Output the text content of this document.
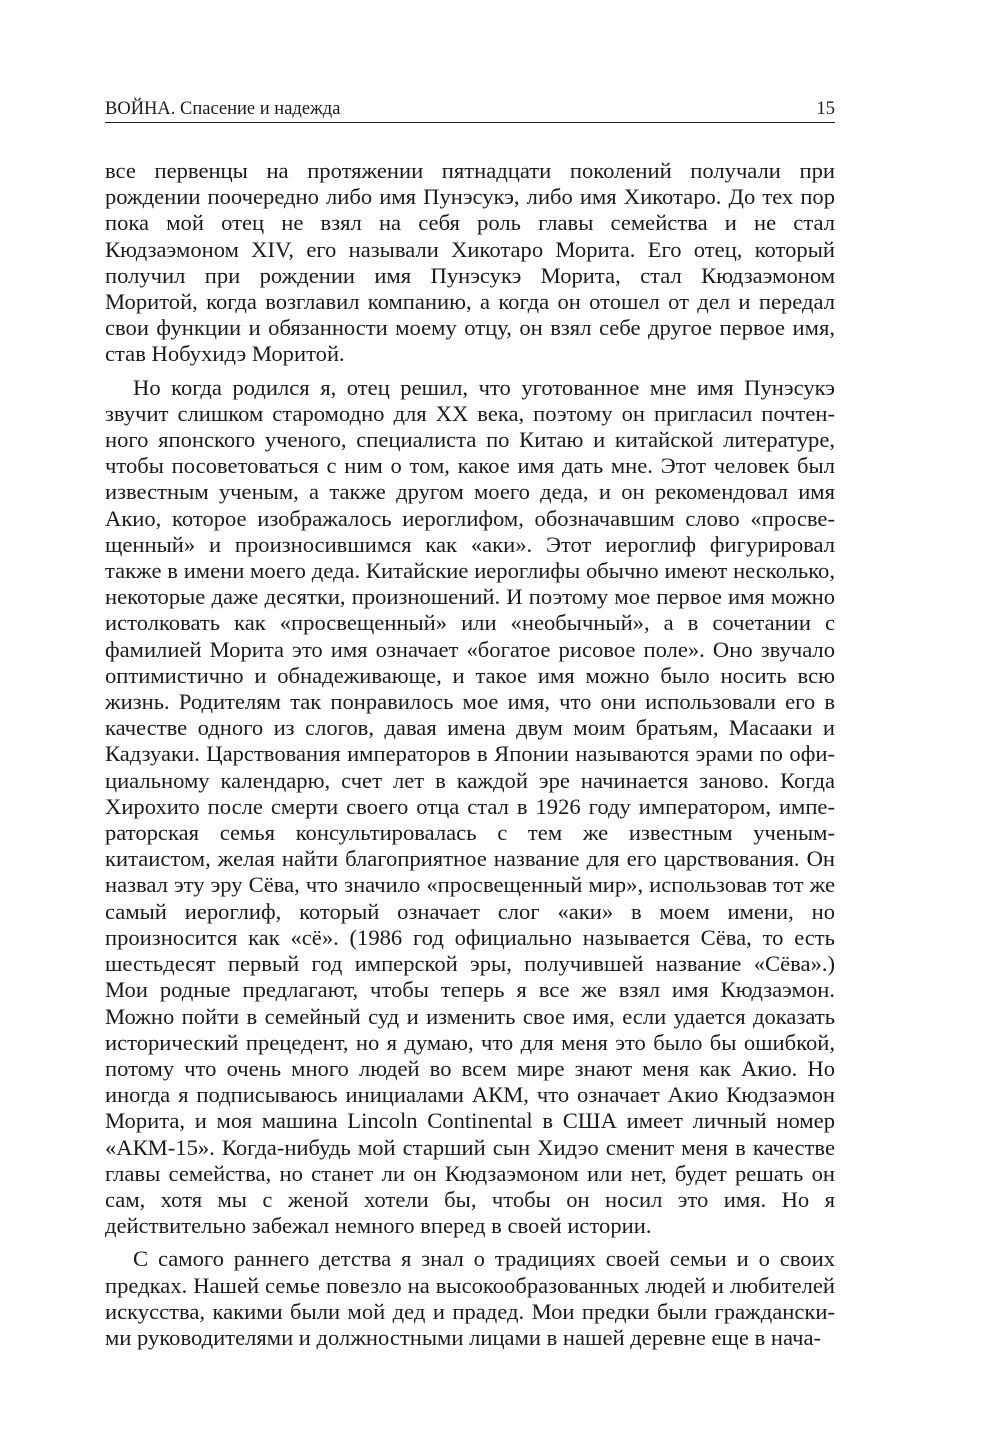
ВОЙНА. Спасение и надежда	15

все первенцы на протяжении пятнадцати поколений получали при рождении поочередно либо имя Пунэсукэ, либо имя Хикотаро. До тех пор пока мой отец не взял на себя роль главы семейства и не стал Кюдзаэмоном XIV, его называли Хикотаро Морита. Его отец, который получил при рождении имя Пунэсукэ Морита, стал Кюдзаэмоном Моритой, когда возглавил компанию, а когда он отошел от дел и передал свои функции и обязанности моему отцу, он взял себе другое первое имя, став Нобухидэ Моритой.

Но когда родился я, отец решил, что уготованное мне имя Пунэсукэ звучит слишком старомодно для XX века, поэтому он пригласил почтенного японского ученого, специалиста по Китаю и китайской литературе, чтобы посоветоваться с ним о том, какое имя дать мне. Этот человек был известным ученым, а также другом моего деда, и он рекомендовал имя Акио, которое изображалось иероглифом, обозначавшим слово «просвещенный» и произносившимся как «аки». Этот иероглиф фигурировал также в имени моего деда. Китайские иероглифы обычно имеют несколько, некоторые даже десятки, произношений. И поэтому мое первое имя можно истолковать как «просвещенный» или «необычный», а в сочетании с фамилией Морита это имя означает «богатое рисовое поле». Оно звучало оптимистично и обнадеживающе, и такое имя можно было носить всю жизнь. Родителям так понравилось мое имя, что они использовали его в качестве одного из слогов, давая имена двум моим братьям, Масааки и Кадзуаки. Царствования императоров в Японии называются эрами по официальному календарю, счет лет в каждой эре начинается заново. Когда Хирохито после смерти своего отца стал в 1926 году императором, императорская семья консультировалась с тем же известным ученым-китаистом, желая найти благоприятное название для его царствования. Он назвал эту эру Сёва, что значило «просвещенный мир», использовав тот же самый иероглиф, который означает слог «аки» в моем имени, но произносится как «сё». (1986 год официально называется Сёва, то есть шестьдесят первый год имперской эры, получившей название «Сёва».) Мои родные предлагают, чтобы теперь я все же взял имя Кюдзаэмон. Можно пойти в семейный суд и изменить свое имя, если удается доказать исторический прецедент, но я думаю, что для меня это было бы ошибкой, потому что очень много людей во всем мире знают меня как Акио. Но иногда я подписываюсь инициалами АКМ, что означает Акио Кюдзаэмон Морита, и моя машина Lincoln Continental в США имеет личный номер «АКМ-15». Когда-нибудь мой старший сын Хидэо сменит меня в качестве главы семейства, но станет ли он Кюдзаэмоном или нет, будет решать он сам, хотя мы с женой хотели бы, чтобы он носил это имя. Но я действительно забежал немного вперед в своей истории.

С самого раннего детства я знал о традициях своей семьи и о своих предках. Нашей семье повезло на высокообразованных людей и любителей искусства, какими были мой дед и прадед. Мои предки были гражданскими руководителями и должностными лицами в нашей деревне еще в нача-
